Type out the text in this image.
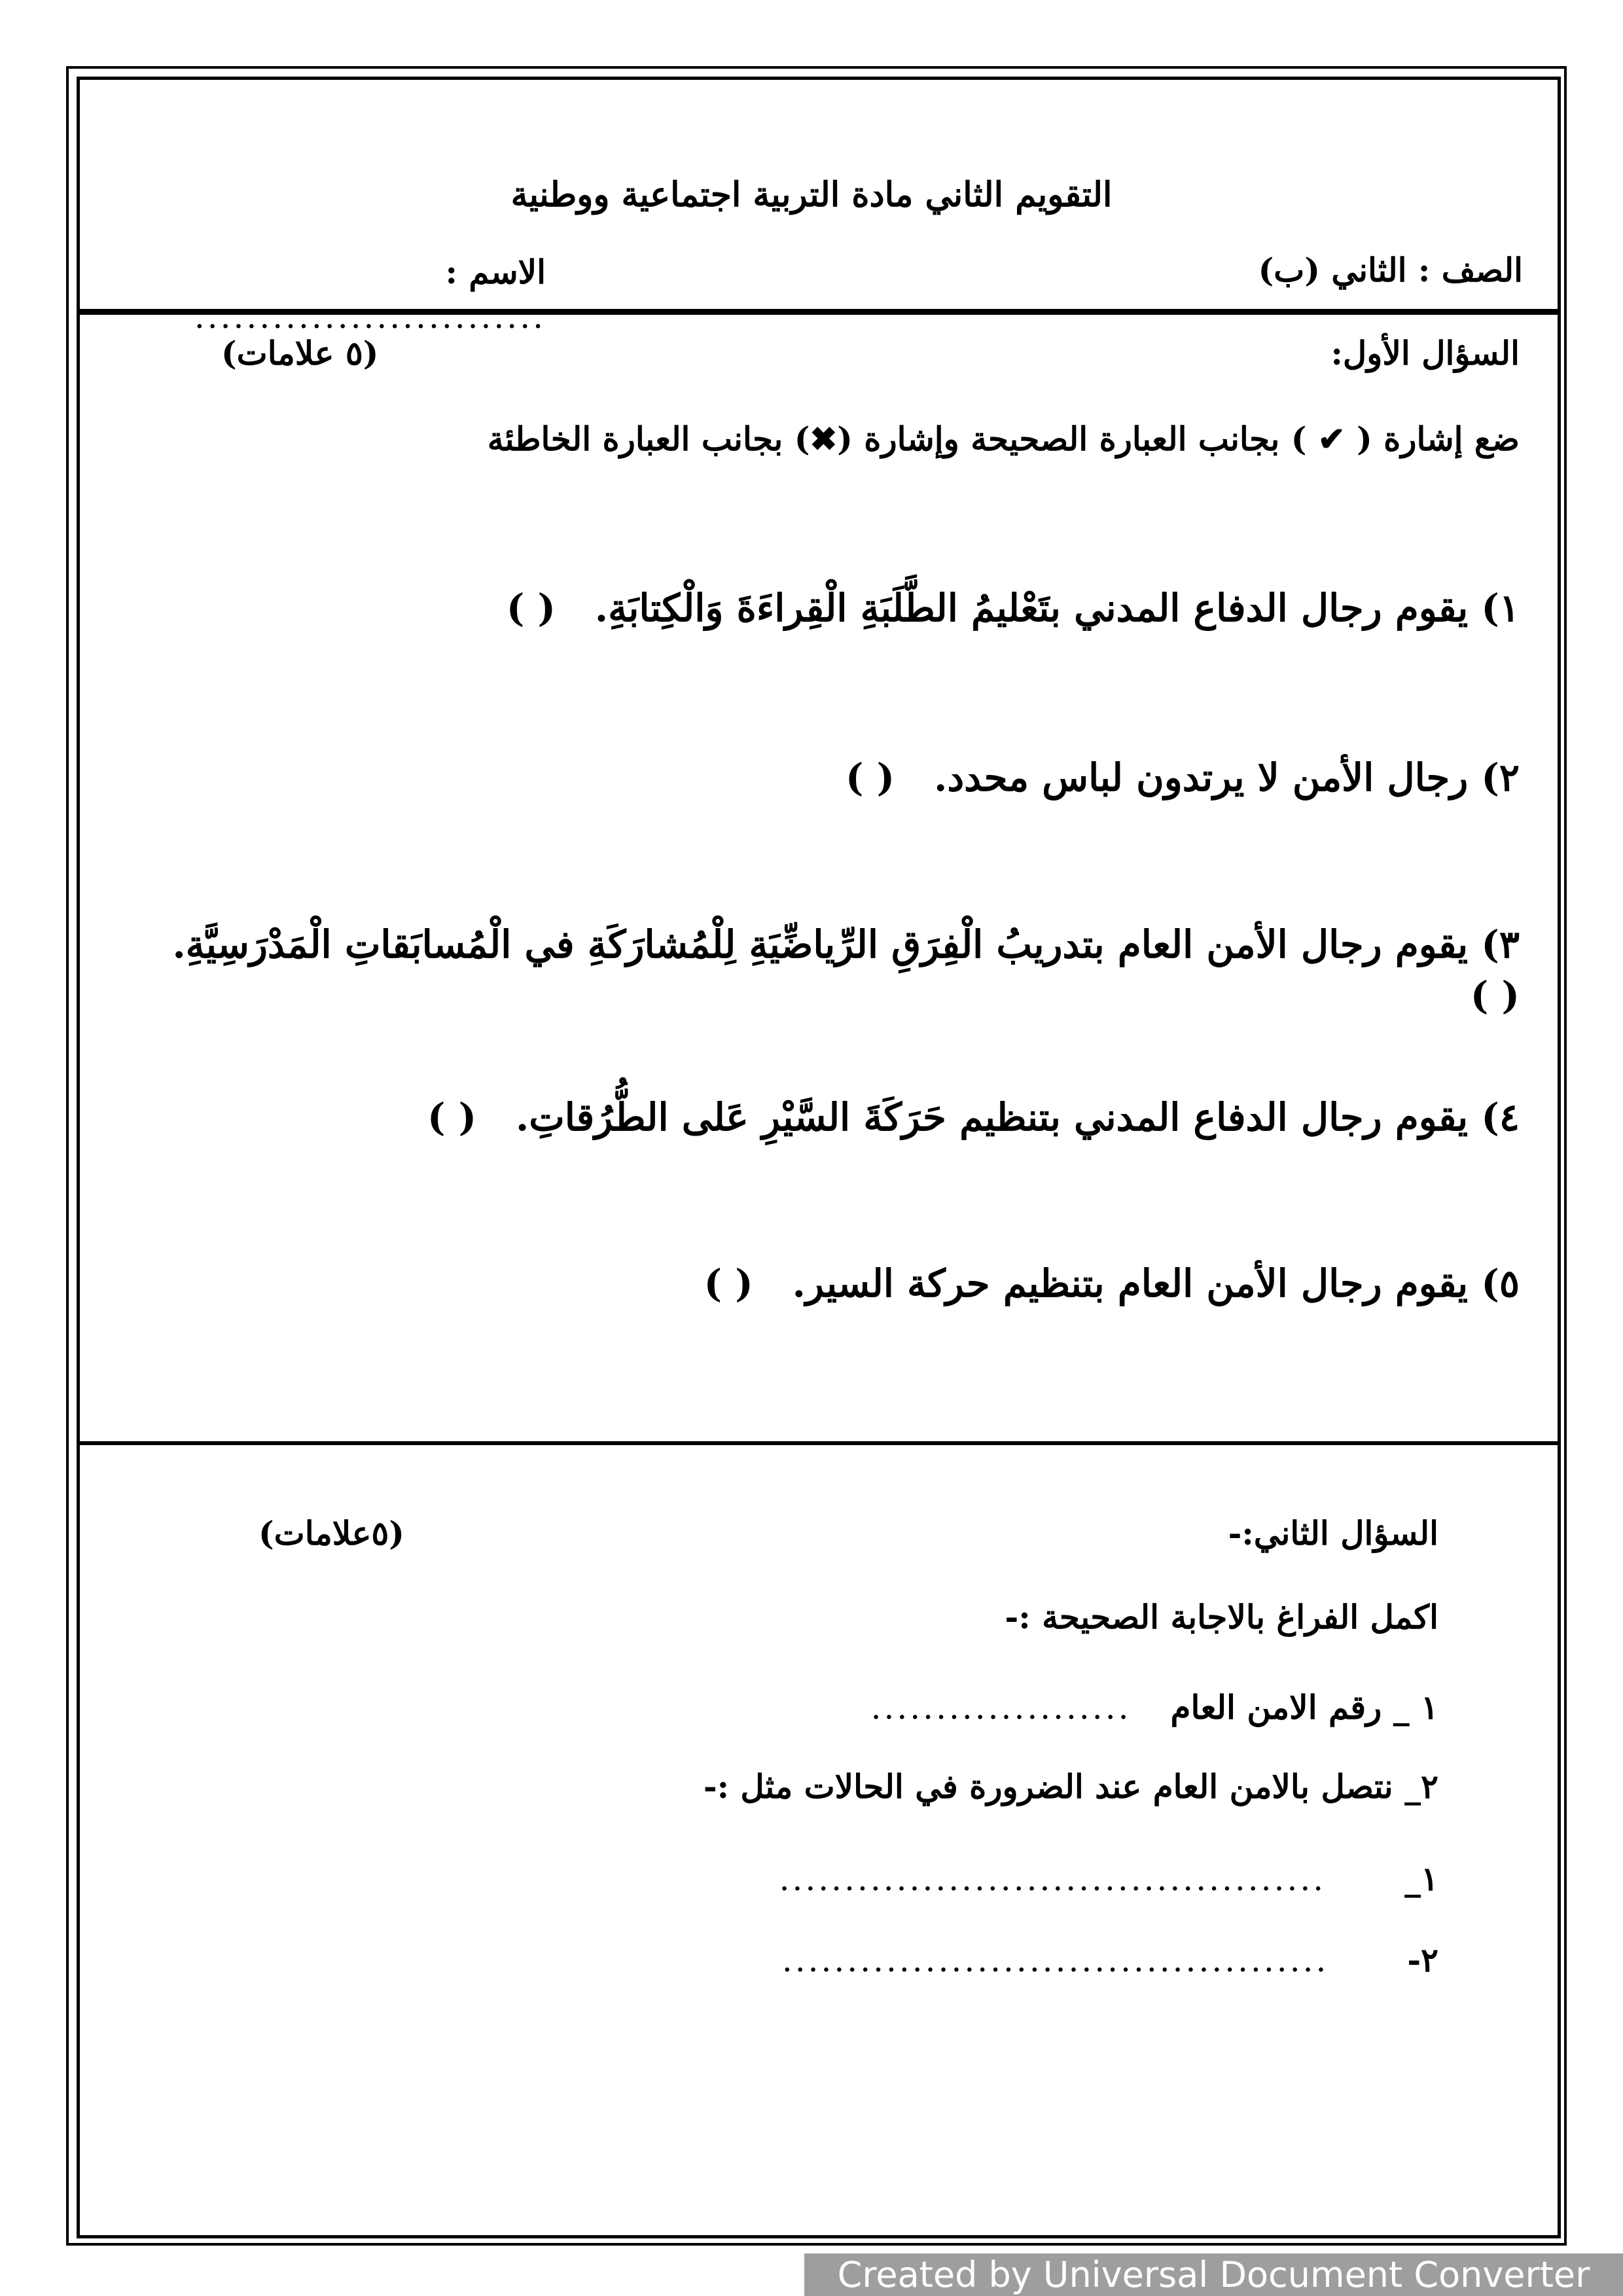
التقويم الثاني مادة التربية اجتماعية ووطنية
الصف : الثاني (ب)
الاسم :
...........................
السؤال الأول:
(٥ علامات)
ضع إشارة ( ✔ ) بجانب العبارة الصحيحة وإشارة (✖) بجانب العبارة الخاطئة
١) يقوم رجال الدفاع المدني بتَعْليمُ الطَّلَبَةِ الْقِراءَةَ وَالْكِتابَةِ.
( )
٢) رجال الأمن لا يرتدون لباس محدد.
( )
٣) يقوم رجال الأمن العام بتدريبُ الْفِرَقِ الرِّياضِّيَةِ لِلْمُشارَكَةِ في الْمُسابَقاتِ الْمَدْرَسِيَّةِ.
( )
٤) يقوم رجال الدفاع المدني بتنظيم حَرَكَةَ السَّيْرِ عَلى الطُّرُقاتِ.
( )
٥) يقوم رجال الأمن العام بتنظيم حركة السير.
( )
السؤال الثاني:-
(٥علامات)
اكمل الفراغ بالاجابة الصحيحة :-
١ _ رقم الامن العام
....................
٢_ نتصل بالامن العام عند الضرورة في الحالات مثل :-
١_
..........................................
٢-
..........................................
Created by Universal Document Converter
